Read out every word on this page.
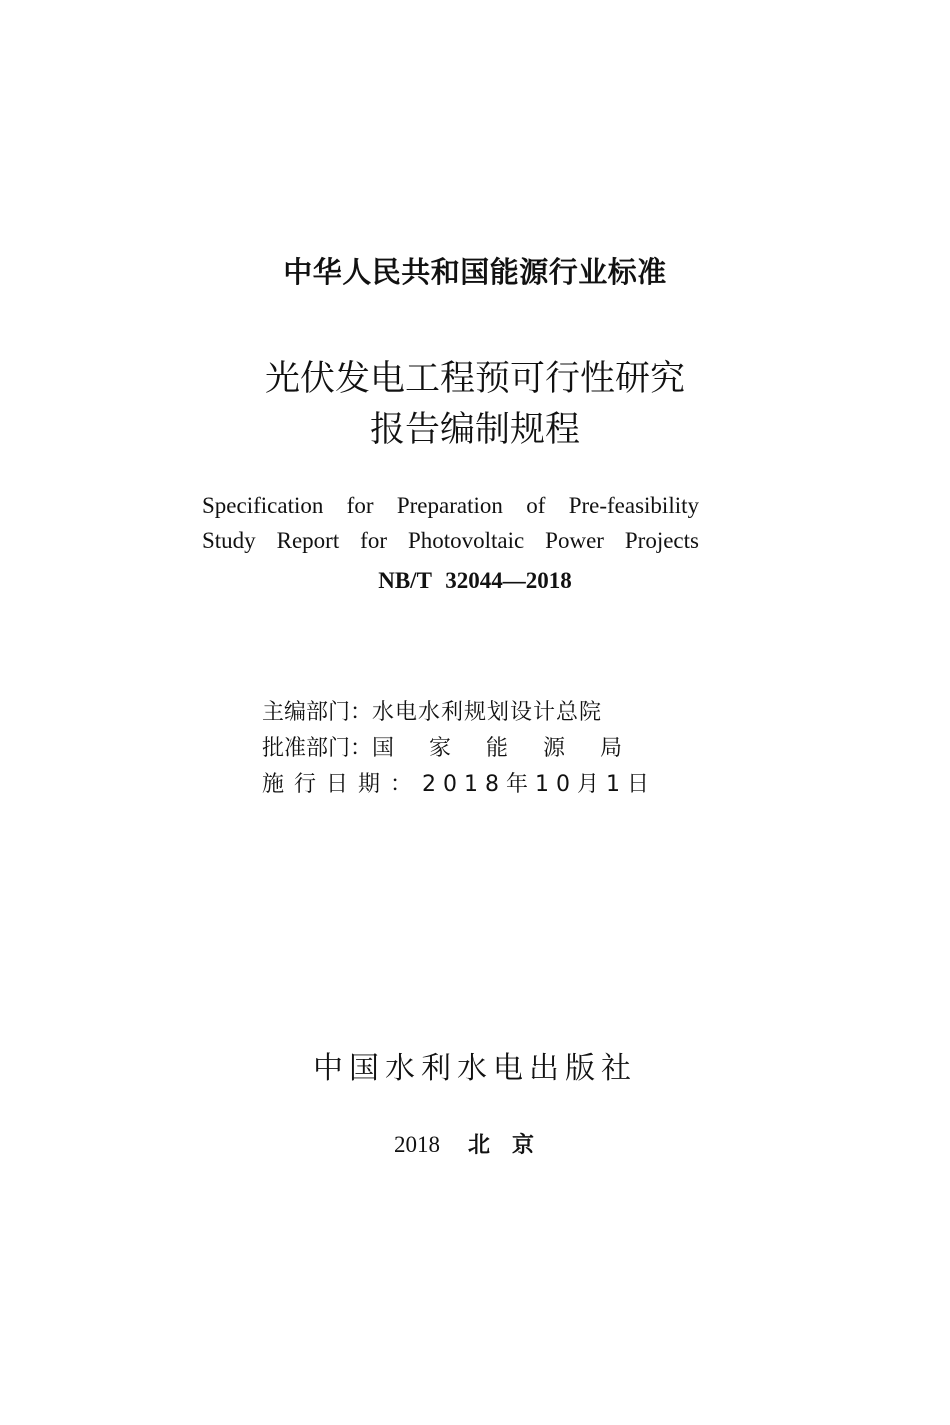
中华人民共和国能源行业标准
光伏发电工程预可行性研究
报告编制规程
Specification for Preparation of Pre-feasibility
Study Report for Photovoltaic Power Projects
NB/T 32044—2018
主编部门：水电水利规划设计总院
批准部门：国 家 能 源 局
施行日期：2018年10月1日
中国水利水电出版社
2018 北京
